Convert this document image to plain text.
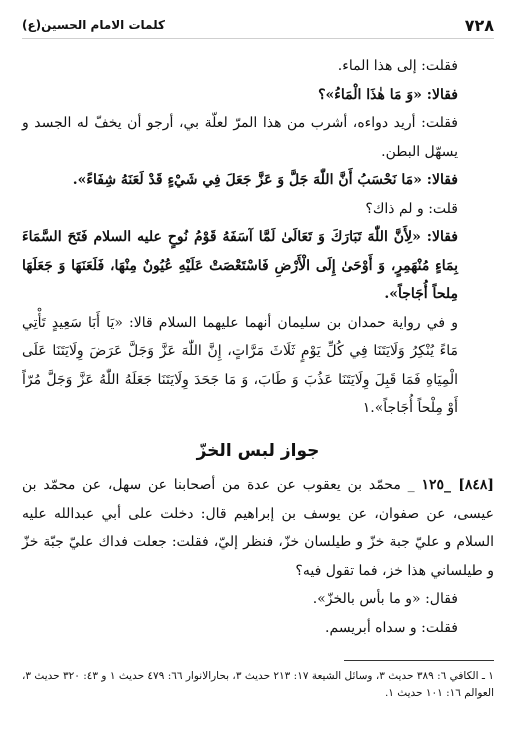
٧٢٨
كلمات الامام الحسين(ع)

فقلت: إلى هذا الماء.

فقالا: «وَ مَا هٰذَا الْمَاءُ»؟

فقلت: أريد دواءه، أشرب من هذا المرّ لعلّة بي، أرجو أن يخفّ له الجسد و يسهّل البطن.

فقالا: «مَا نَحْسَبُ أَنَّ اللّٰهَ جَلَّ وَ عَزَّ جَعَلَ فِي شَيْءٍ قَدْ لَعَنَهُ شِفَاءً».

قلت: و لم ذاك؟

فقالا: «لِأَنَّ اللّٰهَ تَبَارَكَ وَ تَعَالَىٰ لَمَّا آسَفَهُ قَوْمُ نُوحٍ عليه السلام فَتَحَ السَّمَاءَ بِمَاءٍ مُنْهَمِرٍ، وَ أَوْحَىٰ إِلَى الْأَرْضِ فَاسْتَعْصَتْ عَلَيْهِ عُيُونٌ مِنْهَا، فَلَعَنَهَا وَ جَعَلَهَا مِلحاً أُجَاجاً».

و في رواية حمدان بن سليمان أنهما عليهما السلام قالا: «يَا أَبَا سَعِيدٍ تَأْتِي مَاءً يُنْكِرُ وَلَايَتَنَا فِي كُلِّ يَوْمٍ ثَلَاثَ مَرَّاتٍ، إِنَّ اللّٰهَ عَزَّ وَجَلَّ عَرَضَ وِلَايَتَنَا عَلَى الْمِيَاهِ فَمَا قَبِلَ وِلَايَتَنَا عَذُبَ وَ طَابَ، وَ مَا جَحَدَ وِلَايَتَنَا جَعَلَهُ اللّٰهُ عَزَّ وَجَلَّ مُرّاً أَوْ مِلْحاً أُجَاجاً».١

جواز لبس الخزّ

[٨٤٨] _١٢٥ _ محمّد بن يعقوب عن عدة من أصحابنا عن سهل، عن محمّد بن عيسى، عن صفوان، عن يوسف بن إبراهيم قال: دخلت على أبي عبدالله عليه السلام و عليّ جبة خزّ و طيلسان خزّ، فنظر إليّ، فقلت: جعلت فداك عليّ جبّة خزّ و طيلساني هذا خز، فما تقول فيه؟

فقال: «و ما بأس بالخزّ».

فقلت: و سداه أبريسم.

١ ـ الكافي ٦: ٣٨٩ حديث ٣، وسائل الشيعة ١٧: ٢١٣ حديث ٣، بحارالانوار ٦٦: ٤٧٩ حديث ١ و ٤٣: ٣٢٠ حديث ٣، العوالم ١٦: ١٠١ حديث ١.
